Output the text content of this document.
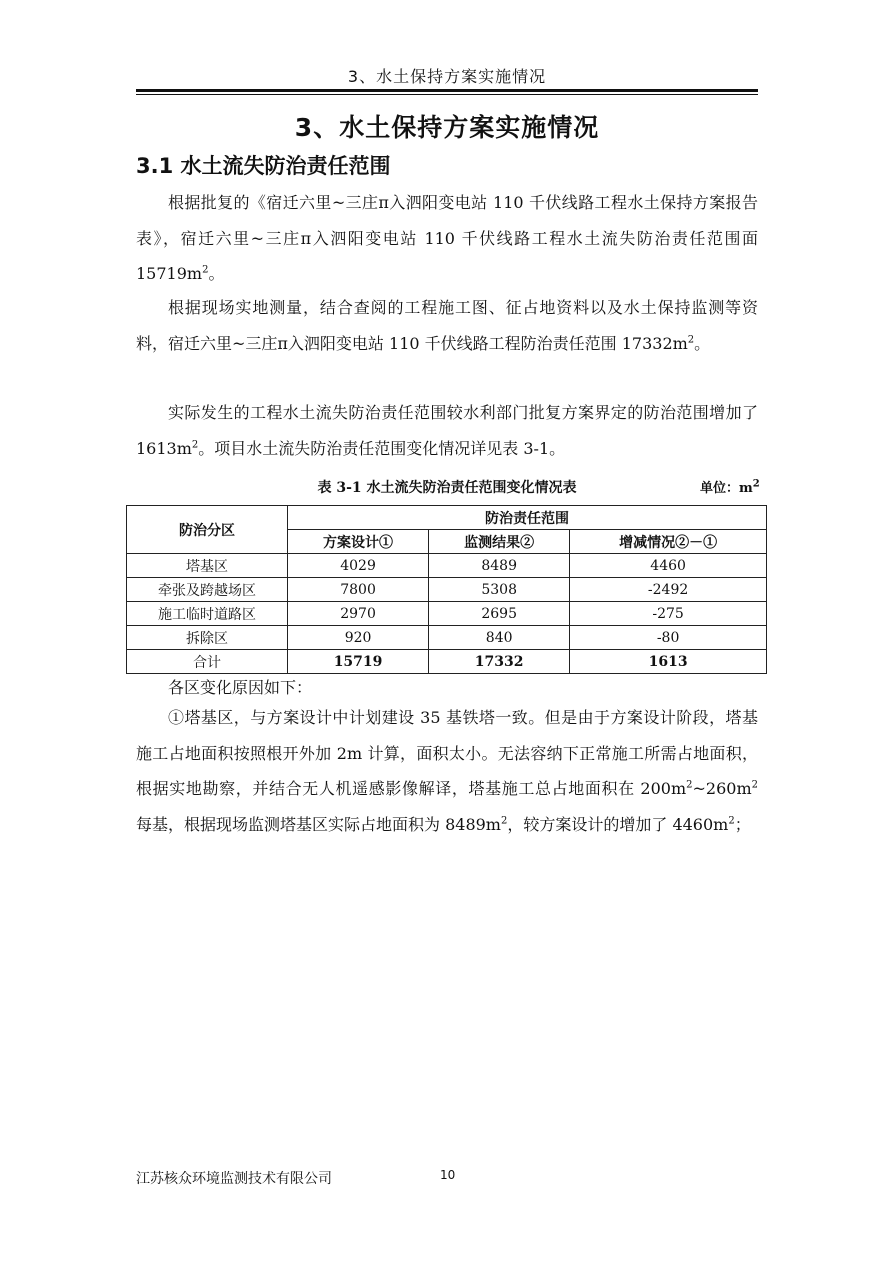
3、水土保持方案实施情况
3、水土保持方案实施情况
3.1 水土流失防治责任范围

根据批复的《宿迁六里~三庄π入泗阳变电站 110 千伏线路工程水土保持方案报告表》，宿迁六里~三庄π入泗阳变电站 110 千伏线路工程水土流失防治责任范围面 $15719m^2$。

根据现场实地测量，结合查阅的工程施工图、征占地资料以及水土保持监测等资料，宿迁六里~三庄π入泗阳变电站 110 千伏线路工程防治责任范围 $17332m^2$。

实际发生的工程水土流失防治责任范围较水利部门批复方案界定的防治范围增加了 $1613m^2$。项目水土流失防治责任范围变化情况详见表 3-1。

表 3-1 水土流失防治责任范围变化情况表	单位：$m^2$
防治分区	防治责任范围		
	方案设计①	监测结果②	增减情况②－①
塔基区	4029	8489	4460
牵张及跨越场区	7800	5308	-2492
施工临时道路区	2970	2695	-275
拆除区	920	840	-80
合计	15719	17332	1613

各区变化原因如下：

①塔基区，与方案设计中计划建设 35 基铁塔一致。但是由于方案设计阶段，塔基施工占地面积按照根开外加 2m 计算，面积太小。无法容纳下正常施工所需占地面积，根据实地勘察，并结合无人机遥感影像解译，塔基施工总占地面积在 $200m^2\sim 260m^2$ 每基，根据现场监测塔基区实际占地面积为 $8489m^2$，较方案设计的增加了 $4460m^2$；

江苏核众环境监测技术有限公司	10
